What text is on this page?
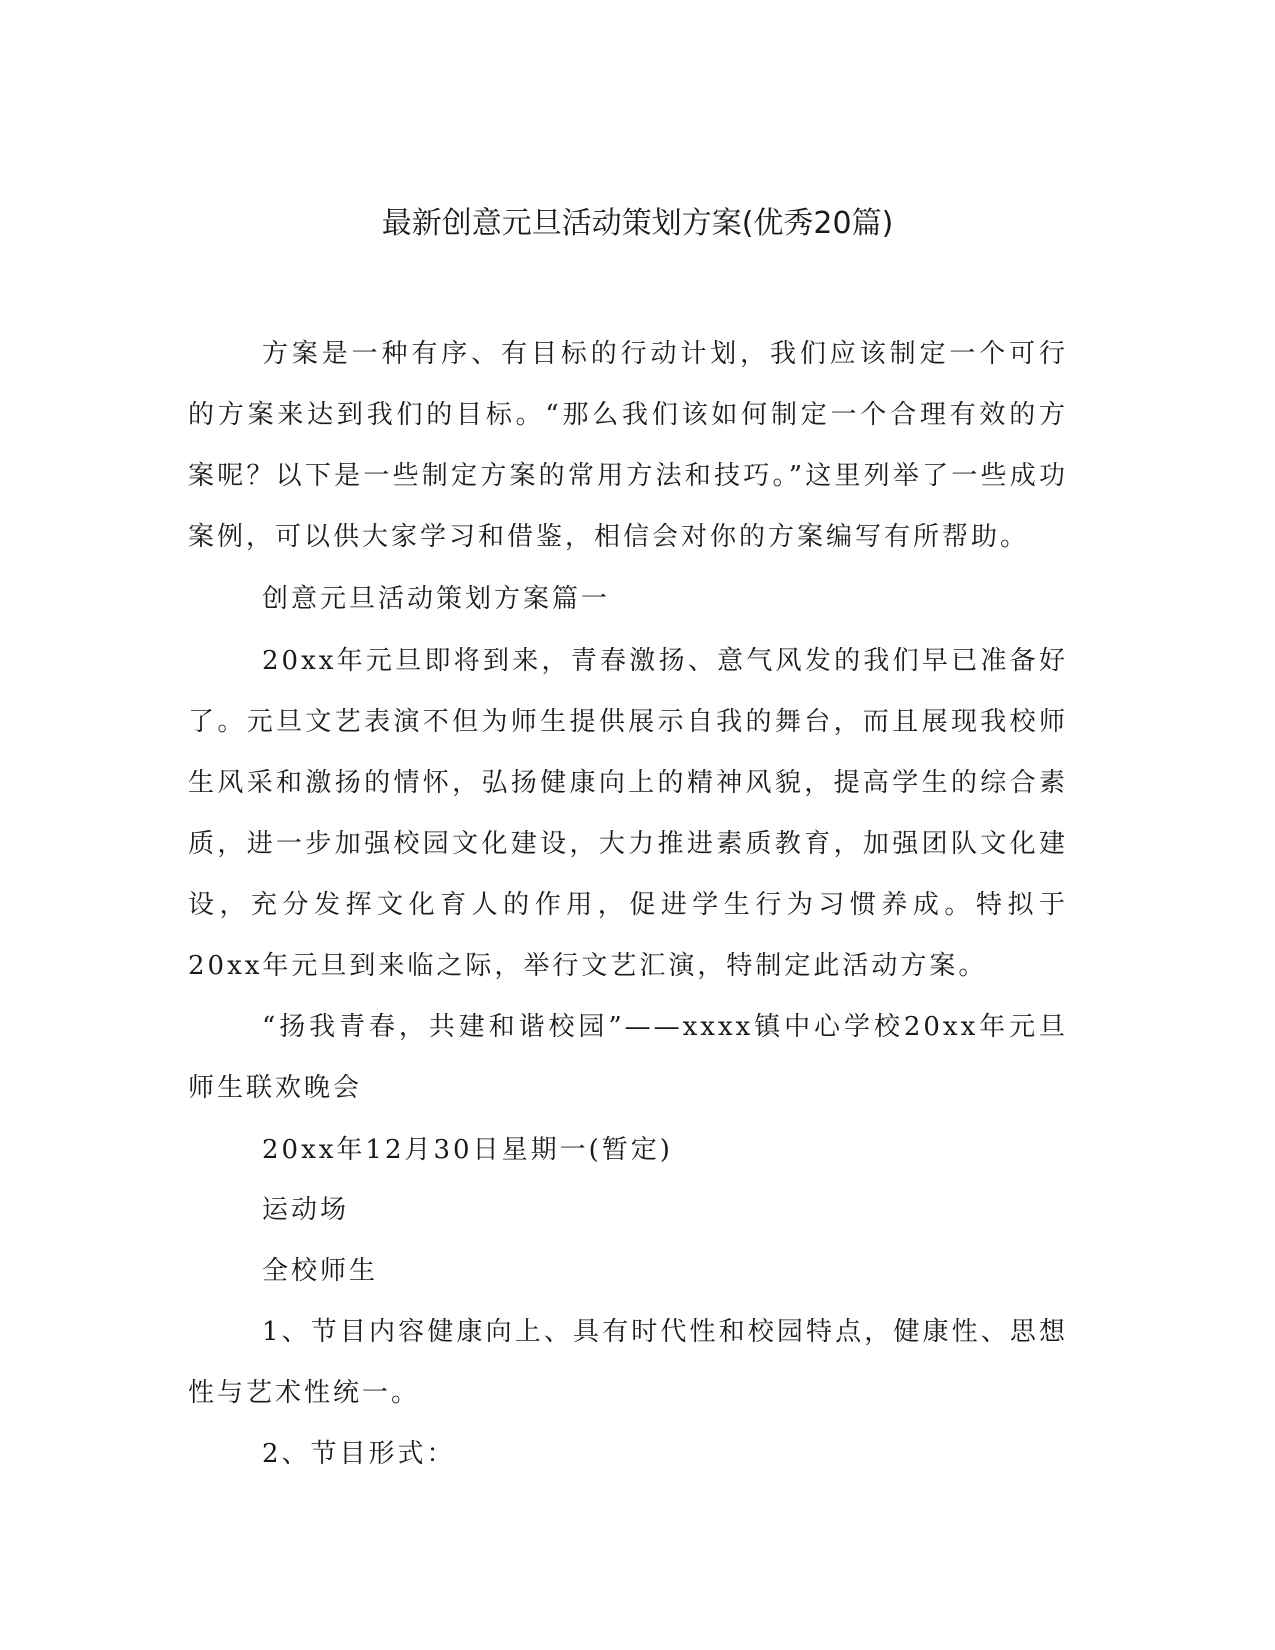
最新创意元旦活动策划方案(优秀20篇)

方案是一种有序、有目标的行动计划，我们应该制定一个可行的方案来达到我们的目标。“那么我们该如何制定一个合理有效的方案呢？以下是一些制定方案的常用方法和技巧。”这里列举了一些成功案例，可以供大家学习和借鉴，相信会对你的方案编写有所帮助。

创意元旦活动策划方案篇一

20xx年元旦即将到来，青春激扬、意气风发的我们早已准备好了。元旦文艺表演不但为师生提供展示自我的舞台，而且展现我校师生风采和激扬的情怀，弘扬健康向上的精神风貌，提高学生的综合素质，进一步加强校园文化建设，大力推进素质教育，加强团队文化建设，充分发挥文化育人的作用，促进学生行为习惯养成。特拟于20xx年元旦到来临之际，举行文艺汇演，特制定此活动方案。

“扬我青春，共建和谐校园”——xxxx镇中心学校20xx年元旦师生联欢晚会

20xx年12月30日星期一(暂定)

运动场

全校师生

1、节目内容健康向上、具有时代性和校园特点，健康性、思想性与艺术性统一。

2、节目形式：
